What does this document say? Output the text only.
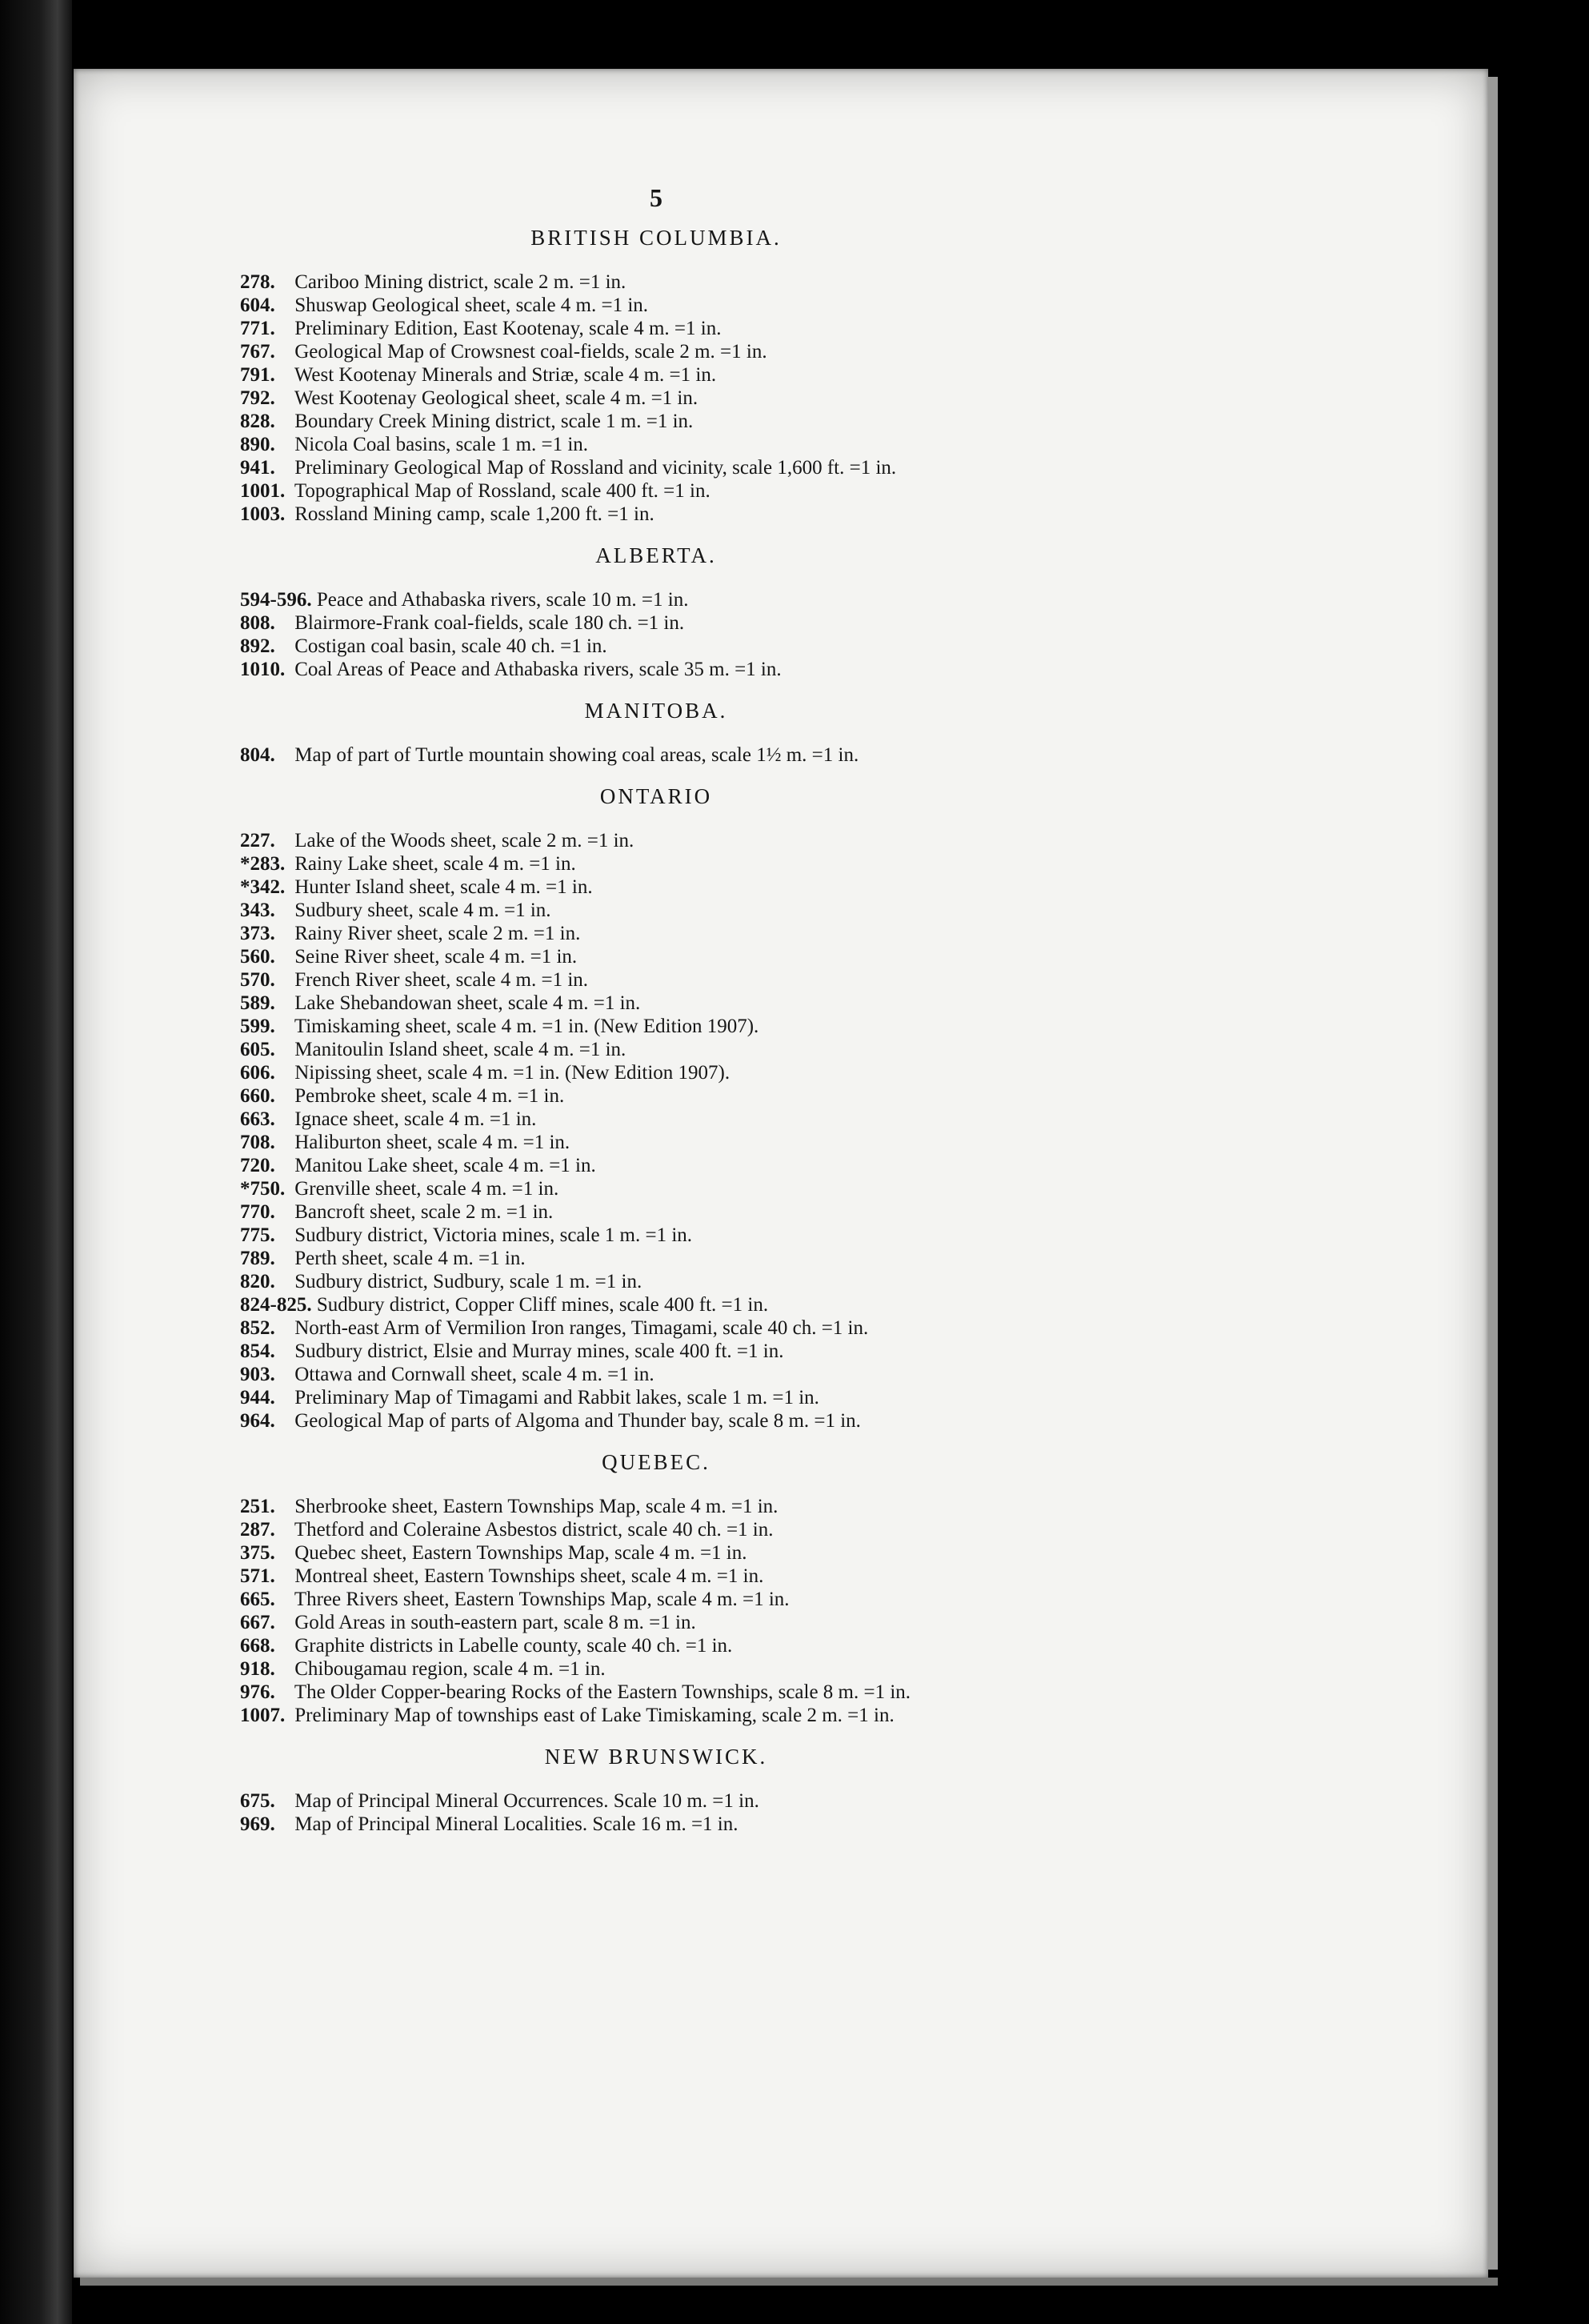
5
BRITISH COLUMBIA.
278. Cariboo Mining district, scale 2 m. =1 in.
604. Shuswap Geological sheet, scale 4 m. =1 in.
771. Preliminary Edition, East Kootenay, scale 4 m. =1 in.
767. Geological Map of Crowsnest coal-fields, scale 2 m. =1 in.
791. West Kootenay Minerals and Striæ, scale 4 m. =1 in.
792. West Kootenay Geological sheet, scale 4 m. =1 in.
828. Boundary Creek Mining district, scale 1 m. =1 in.
890. Nicola Coal basins, scale 1 m. =1 in.
941. Preliminary Geological Map of Rossland and vicinity, scale 1,600 ft. =1 in.
1001. Topographical Map of Rossland, scale 400 ft. =1 in.
1003. Rossland Mining camp, scale 1,200 ft. =1 in.
ALBERTA.
594-596. Peace and Athabaska rivers, scale 10 m. =1 in.
808. Blairmore-Frank coal-fields, scale 180 ch. =1 in.
892. Costigan coal basin, scale 40 ch. =1 in.
1010. Coal Areas of Peace and Athabaska rivers, scale 35 m. =1 in.
MANITOBA.
804. Map of part of Turtle mountain showing coal areas, scale 1½ m. =1 in.
ONTARIO
227. Lake of the Woods sheet, scale 2 m. =1 in.
*283. Rainy Lake sheet, scale 4 m. =1 in.
*342. Hunter Island sheet, scale 4 m. =1 in.
343. Sudbury sheet, scale 4 m. =1 in.
373. Rainy River sheet, scale 2 m. =1 in.
560. Seine River sheet, scale 4 m. =1 in.
570. French River sheet, scale 4 m. =1 in.
589. Lake Shebandowan sheet, scale 4 m. =1 in.
599. Timiskaming sheet, scale 4 m. =1 in. (New Edition 1907).
605. Manitoulin Island sheet, scale 4 m. =1 in.
606. Nipissing sheet, scale 4 m. =1 in. (New Edition 1907).
660. Pembroke sheet, scale 4 m. =1 in.
663. Ignace sheet, scale 4 m. =1 in.
708. Haliburton sheet, scale 4 m. =1 in.
720. Manitou Lake sheet, scale 4 m. =1 in.
*750. Grenville sheet, scale 4 m. =1 in.
770. Bancroft sheet, scale 2 m. =1 in.
775. Sudbury district, Victoria mines, scale 1 m. =1 in.
789. Perth sheet, scale 4 m. =1 in.
820. Sudbury district, Sudbury, scale 1 m. =1 in.
824-825. Sudbury district, Copper Cliff mines, scale 400 ft. =1 in.
852. North-east Arm of Vermilion Iron ranges, Timagami, scale 40 ch. =1 in.
854. Sudbury district, Elsie and Murray mines, scale 400 ft. =1 in.
903. Ottawa and Cornwall sheet, scale 4 m. =1 in.
944. Preliminary Map of Timagami and Rabbit lakes, scale 1 m. =1 in.
964. Geological Map of parts of Algoma and Thunder bay, scale 8 m. =1 in.
QUEBEC.
251. Sherbrooke sheet, Eastern Townships Map, scale 4 m. =1 in.
287. Thetford and Coleraine Asbestos district, scale 40 ch. =1 in.
375. Quebec sheet, Eastern Townships Map, scale 4 m. =1 in.
571. Montreal sheet, Eastern Townships sheet, scale 4 m. =1 in.
665. Three Rivers sheet, Eastern Townships Map, scale 4 m. =1 in.
667. Gold Areas in south-eastern part, scale 8 m. =1 in.
668. Graphite districts in Labelle county, scale 40 ch. =1 in.
918. Chibougamau region, scale 4 m. =1 in.
976. The Older Copper-bearing Rocks of the Eastern Townships, scale 8 m. =1 in.
1007. Preliminary Map of townships east of Lake Timiskaming, scale 2 m. =1 in.
NEW BRUNSWICK.
675. Map of Principal Mineral Occurrences. Scale 10 m. =1 in.
969. Map of Principal Mineral Localities. Scale 16 m. =1 in.
